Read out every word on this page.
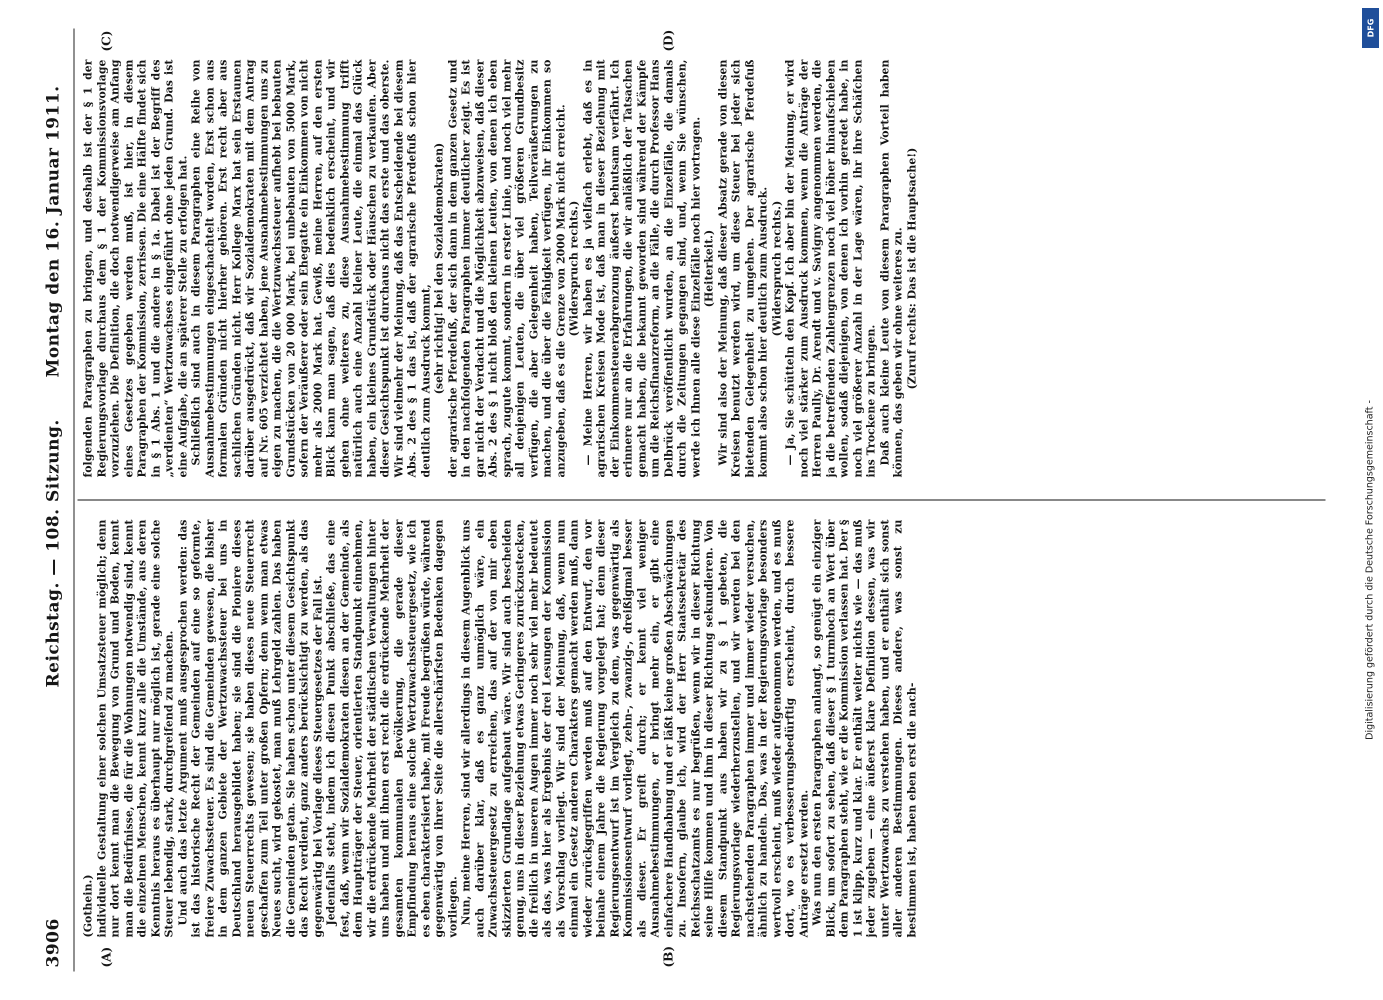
3906
Reichstag. — 108. Sitzung.
Montag den 16. Januar 1911.
(A)	(B)
(C)	(D)

(Gothein.) individuelle Gestaltung einer solchen Umsatzsteuer möglich; denn nur dort kennt man die Bewegung von Grund und Boden, kennt man die Bedürfnisse, die für die Wohnungen notwendig sind, kennt die einzelnen Menschen, kennt kurz alle die Umstände, aus deren Kenntnis heraus es überhaupt nur möglich ist, gerade eine solche Steuer lebendig, stark, durchgreifend zu machen. Und auch das letzte Argument muß ausgesprochen werden: das ist das historische Recht der Gemeinden auf eine so geformte, freiere Zuwachssteuer. Es sind die Gemeinden gewesen, die bisher in dem ganzen Gebiete der Wertzuwachssteuer bei uns in Deutschland herausgebildet haben; sie sind die Pioniere dieses neuen Steuerrechts gewesen; sie haben dieses neue Steuerrecht geschaffen zum Teil unter großen Opfern; denn wenn man etwas Neues sucht, wird gekostet, man muß Lehrgeld zahlen. Das haben die Gemeinden getan. Sie haben schon unter diesem Gesichtspunkt das Recht verdient, ganz anders berücksichtigt zu werden, als das gegenwärtig bei Vorlage dieses Steuergesetzes der Fall ist. Jedenfalls steht, indem ich diesen Punkt abschließe, das eine fest, daß, wenn wir Sozialdemokraten diesen an der Gemeinde, als dem Hauptträger der Steuer, orientierten Standpunkt einnehmen, wir die erdrückende Mehrheit der städtischen Verwaltungen hinter uns haben und mit ihnen erst recht die erdrückende Mehrheit der gesamten kommunalen Bevölkerung, die gerade dieser Empfindung heraus eine solche Wertzuwachssteuergesetz, wie ich es eben charakterisiert habe, mit Freude begrüßen würde, während gegenwärtig von ihrer Seite die allerschärfsten Bedenken dagegen vorliegen. Nun, meine Herren, sind wir allerdings in diesem Augenblick uns auch darüber klar, daß es ganz unmöglich wäre, ein Zuwachssteuergesetz zu erreichen, das auf der von mir eben skizzierten Grundlage aufgebaut wäre. Wir sind auch bescheiden genug, uns in dieser Beziehung etwas Geringeres zurückzustecken, die freilich in unseren Augen immer noch sehr viel mehr bedeutet als das, was hier als Ergebnis der drei Lesungen der Kommission als Vorschlag vorliegt. Wir sind der Meinung, daß, wenn nun einmal ein Gesetz anderen Charakters gemacht werden muß, dann wieder zurückgegriffen werden muß auf den Entwurf, den vor beinahe einem Jahre die Regierung vorgelegt hat; denn dieser Regierungsentwurf ist im Vergleich zu dem, was gegenwärtig als Kommissionsentwurf vorliegt, zehn-, zwanzig-, dreißigmal besser als dieser. Er greift durch; er kennt viel weniger Ausnahmebestimmungen, er bringt mehr ein, er gibt eine einfachere Handhabung und er läßt keine großen Abschwächungen zu. Insofern, glaube ich, wird der Herr Staatssekretär des Reichsschatzamts es nur begrüßen, wenn wir in dieser Richtung seine Hilfe kommen und ihm in dieser Richtung sekundieren. Von diesem Standpunkt aus haben wir zu § 1 gebeten, die Regierungsvorlage wiederherzustellen, und wir werden bei den nachstehenden Paragraphen immer und immer wieder versuchen, ähnlich zu handeln. Das, was in der Regierungsvorlage besonders wertvoll erscheint, muß wieder aufgenommen werden, und es muß dort, wo es verbesserungsbedürftig erscheint, durch bessere Anträge ersetzt werden. Was nun den ersten Paragraphen anlangt, so genügt ein einziger Blick, um sofort zu sehen, daß dieser § 1 turmhoch an Wert über dem Paragraphen steht, wie er die Kommission verlassen hat. Der § 1 ist klipp, kurz und klar. Er enthält weiter nichts wie — das muß jeder zugeben — eine äußerst klare Definition dessen, was wir unter Wertzuwachs zu verstehen haben, und er enthält sich sonst aller anderen Bestimmungen. Dieses andere, was sonst zu bestimmen ist, haben eben erst die nach-

folgenden Paragraphen zu bringen, und deshalb ist der § 1 der Regierungsvorlage durchaus dem § 1 der Kommissionsvorlage vorzuziehen. Die Definition, die doch notwendigerweise am Anfang eines Gesetzes gegeben werden muß, ist hier, in diesem Paragraphen der Kommission, zerrissen. Die eine Hälfte findet sich in § 1 Abs. 1 und die andere in § 1a. Dabei ist der Begriff des „verdienten“ Wertzuwachses eingeführt ohne jeden Grund. Das ist eine Aufgabe, die an späterer Stelle zu erfolgen hat. Schließlich sind auch in diesem Paragraphen eine Reihe von Ausnahmebestimmungen eingeschachtelt worden, Erst schon aus formalen Gründen nicht hierher gehören. Erst recht aber aus sachlichen Gründen nicht. Herr Kollege Marx hat sein Erstaunen darüber ausgedrückt, daß wir Sozialdemokraten mit dem Antrag auf Nr. 605 verzichtet haben, jene Ausnahmebestimmungen uns zu eigen zu machen, die die Wertzuwachssteuer aufhebt bei bebauten Grundstücken von 20 000 Mark, bei unbebauten von 5000 Mark, sofern der Veräußerer oder sein Ehegatte ein Einkommen von nicht mehr als 2000 Mark hat. Gewiß, meine Herren, auf den ersten Blick kann man sagen, daß dies bedenklich erscheint, und wir gehen ohne weiteres zu, diese Ausnahmebestimmung trifft natürlich auch eine Anzahl kleiner Leute, die einmal das Glück haben, ein kleines Grundstück oder Häuschen zu verkaufen. Aber dieser Gesichtspunkt ist durchaus nicht das erste und das oberste. Wir sind vielmehr der Meinung, daß das Entscheidende bei diesem Abs. 2 des § 1 das ist, daß der agrarische Pferdefuß schon hier deutlich zum Ausdruck kommt, (sehr richtig! bei den Sozialdemokraten) der agrarische Pferdefuß, der sich dann in dem ganzen Gesetz und in den nachfolgenden Paragraphen immer deutlicher zeigt. Es ist gar nicht der Verdacht und die Möglichkeit abzuweisen, daß dieser Abs. 2 des § 1 nicht bloß den kleinen Leuten, von denen ich eben sprach, zugute kommt, sondern in erster Linie, und noch viel mehr all denjenigen Leuten, die über viel größeren Grundbesitz verfügen, die aber Gelegenheit haben, Teilveräußerungen zu machen, und die über die Fähigkeit verfügen, ihr Einkommen so anzugeben, daß es die Grenze von 2000 Mark nicht erreicht. (Widerspruch rechts.) — Meine Herren, wir haben es ja vielfach erlebt, daß es in agrarischen Kreisen Mode ist, daß man in dieser Beziehung mit der Einkommensteuerabgrenzung äußerst behutsam verfährt. Ich erinnere nur an die Erfahrungen, die wir anläßlich der Tatsachen gemacht haben, die bekannt geworden sind während der Kämpfe um die Reichsfinanzreform, an die Fälle, die durch Professor Hans Delbrück veröffentlicht wurden, an die Einzelfälle, die damals durch die Zeitungen gegangen sind, und, wenn Sie wünschen, werde ich Ihnen alle diese Einzelfälle noch hier vortragen. (Heiterkeit.) Wir sind also der Meinung, daß dieser Absatz gerade von diesen Kreisen benutzt werden wird, um diese Steuer bei jeder sich bietenden Gelegenheit zu umgehen. Der agrarische Pferdefuß kommt also schon hier deutlich zum Ausdruck. (Widerspruch rechts.) — Ja, Sie schütteln den Kopf. Ich aber bin der Meinung, er wird noch viel stärker zum Ausdruck kommen, wenn die Anträge der Herren Paully, Dr. Arendt und v. Savigny angenommen werden, die ja die betreffenden Zahlengrenzen noch viel höher hinaufschieben wollen, sodaß diejenigen, von denen ich vorhin geredet habe, in noch viel größerer Anzahl in der Lage wären, ihr ihre Schäfchen ins Trockene zu bringen. Daß auch kleine Leute von diesem Paragraphen Vorteil haben können, das geben wir ohne weiteres zu. (Zuruf rechts: Das ist die Hauptsache!)

DFG
Digitalisierung gefördert durch die Deutsche Forschungsgemeinschaft -
